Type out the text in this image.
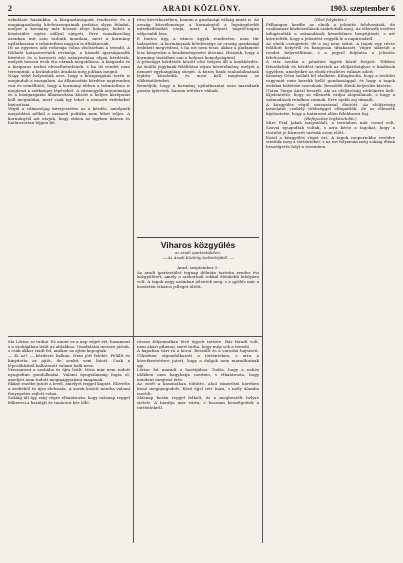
2	ARADI KÖZLÖNY.	1903. szeptember 6

vakulását hazánkba. A közgazdaságunk rendezése és a magángazdaság hitelviszonyainak javítása olyan feladat, melyet a kormány már hosszú ideje halogat, holott a közérzület egész súllyal sürgeti. Erre vonatkozólag azonban mit sem tudunk mondani, mert a kormány nyilatkozatai e tekintetben nagyon is általánosak.

Itt az egyenes adó reformja volna elsősorban a teendő. A földadó kataszterének revíziója, a házadó igazságosabb kivetése és a kereseti adó arányosítása olyan kérdések, melyek hosszú évek óta várnak megoldásra. A kisgazda és a kisiparos terhei elviselhetetlenek, s ha itt rendet nem teremtünk, a kivándorlás áradata még jobban megnő.

Nagy súlyt helyezünk arra, hogy a közigazgatás terén is megindult a mozgalom. Az államosítás kérdése napirenden van és remélhető, hogy a kormány ebben a tekintetben is megteszi a szükséges lépéseket. A vármegyék autonómiája és a közigazgatás államosítása között a helyes középutat kell megtalálni, mert csak így lehet a nemzeti érdekeket biztosítani.

Végül a választójog kiterjesztése az a kérdés, amelynek megoldása nélkül a nemzeti politika nem lehet teljes. A kormánytól azt várjuk, hogy ebben az ügyben bátran és határozottan lépjen fel.

rése következtében, hanem a gazdasági válság miatt is. Az ország közvéleménye a kormánytól a legsürgősebb intézkedéseket várja, mert a helyzet napról-napra súlyosabb lesz.

E fontos ügy, a vámos ügyek rendezése, nem tűr halasztást. A kormánynak kötelessége az ország gazdasági érdekeit megvédeni, s ha ezt nem teszi, akkor a parlament lesz kénytelen a kezdeményezést átvenni. Hisszük, hogy a kormány tisztában van a helyzet komolyságával.

A pénzügyi kérdések között első helyen áll a bankkérdés. Az önálló jegybank felállítása olyan követelmény, melyet a nemzet egyhangúlag sürget. A közös bank szabadalmának lejárta közeledik, és most kell megtenni az előkészületeket.

Reméljük, hogy a kormány nyilatkozatai nem maradnak puszta ígéretek, hanem tettekre válnak.

Viharos közgyűlés
az aradi ipartestületen.
— Az Aradi Közlöny tudósítójától. —

Arad, szeptember 5.

Az aradi ipartestület tegnap délután tartotta rendes évi közgyűlését, amely a szokottnál sokkal élénkebb lefolyású volt. A tagok nagy számban jelentek meg, s a gyűlés már a kezdetén viharos jelleget öltött.

(Első folytatás.)

Félhangon kezdte az elnök a jelentés felolvasását, de csakhamar közbeszólások szakították meg. Az ellenzék vezérei kifogásolták a számadások késedelmes benyújtását, s azt követelték, hogy a jelentést vegyék le a napirendről.

Az elnök csengetett, de a zaj nem szűnt. A tagok egy része felállott helyéről és hangosan tiltakozott. Végre sikerült a rendet helyreállítani, s a jegyző folytatta a jelentés felolvasását.

A vita ezután a pénztári ügyek körül forgott. Többen felszólaltak és kérdést intéztek az elöljárósághoz a kiadások ügyében, amelyekre az elnök részletes választ adott.

Kemény Géza szólalt fel elsőként. Kifogásolta, hogy a testület vagyonát nem kezelik kellő gondossággal, és hogy a tagok érdekei háttérbe szorulnak. Beszédét élénk helyeslés kísérte.

Utána Varga Antal beszélt, aki az elöljáróság védelmére kelt. Kijelentette, hogy az ellenzék vádjai alaptalanok, s hogy a számadások rendben vannak. Erre újabb zaj támadt.

A közgyűlés végül szavazással döntött. Az elöljáróság javaslatát csekély többséggel elfogadták, de az ellenzék kijelentette, hogy a határozat ellen felebbezni fog.

(Befejezése legközelebb.)

Mire Frid Jakab megszólalt, a teremben már csend volt. Szavai nyugodtak voltak, s arra kérte a tagokat, hogy a testület jó hírnevét tartsák szem előtt.

Ezzel a közgyűlés véget ért. A tagok csoportokba verődve vitatták meg a történteket, s az est folyamán még sokáig élénk beszélgetés folyt a teremben.

Ma Lőrinc se tudná. És amint ez a nap véget ért, hazament s a szobájában leült az ablakhoz. Gondolatai messze jártak, s csak akkor riadt fel, amikor az ajtón kopogtak.

— Ki az? — kérdezte halkan. Nem jött felelet. Felállt és kinyitotta az ajtót, de senkit sem látott. Csak a lépcsőházból hallatszott valami halk nesz.

Visszament a szobába és újra leült. Most már nem tudott nyugodtan gondolkodni. Valami nyugtalanság fogta el, amelyet nem tudott megmagyarázni magának.

Ekkor eszébe jutott a levél, amelyet reggel kapott. Elővette a zsebéből és újra elolvasta. A sorok között mintha valami fenyegetés rejlett volna.

Sokáig ült így, míg végre elhatározta, hogy másnap reggel felkeresi a barátját és tanácsot kér tőle.

rössze folyamatban lévő ügyeit intézte. Bár fáradt volt, nem akart pihenni, mert tudta, hogy még sok a teendő.

A kapuban várt rá a kocsi. Beszállt és a városba hajtatott. Útközben elgondolkozott a történteken, s arra a következtetésre jutott, hogy a dolgok nem maradhatnak így.

Lőrinc hű maradt a barátjához. Tudta, hogy a nehéz időkben nem hagyhatja cserben, s elhatározta, hogy mindent megtesz érte.

Az estét a kaszinóban töltötte, ahol ismerősei körében kissé megnyugodott. Késő éjjel tért haza, s mély álomba merült.

Másnap korán reggel felkelt, és a megbeszélt helyre sietett. A barátja már várta, s hosszan beszélgettek a történtekről.
